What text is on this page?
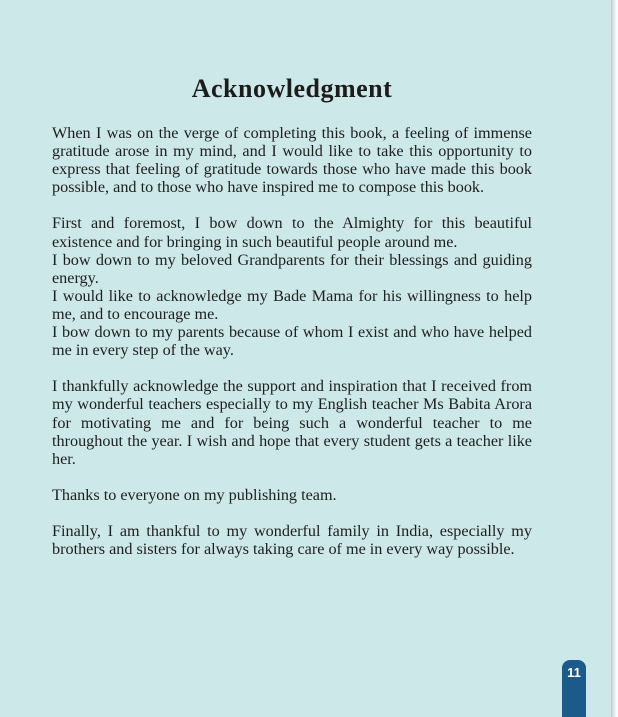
Acknowledgment

When I was on the verge of completing this book, a feeling of immense gratitude arose in my mind, and I would like to take this opportunity to express that feeling of gratitude towards those who have made this book possible, and to those who have inspired me to compose this book.

First and foremost, I bow down to the Almighty for this beautiful existence and for bringing in such beautiful people around me.

I bow down to my beloved Grandparents for their blessings and guiding energy.

I would like to acknowledge my Bade Mama for his willingness to help me, and to encourage me.

I bow down to my parents because of whom I exist and who have helped me in every step of the way.

I thankfully acknowledge the support and inspiration that I received from my wonderful teachers especially to my English teacher Ms Babita Arora for motivating me and for being such a wonderful teacher to me throughout the year. I wish and hope that every student gets a teacher like her.

Thanks to everyone on my publishing team.

Finally, I am thankful to my wonderful family in India, especially my brothers and sisters for always taking care of me in every way possible.

11
